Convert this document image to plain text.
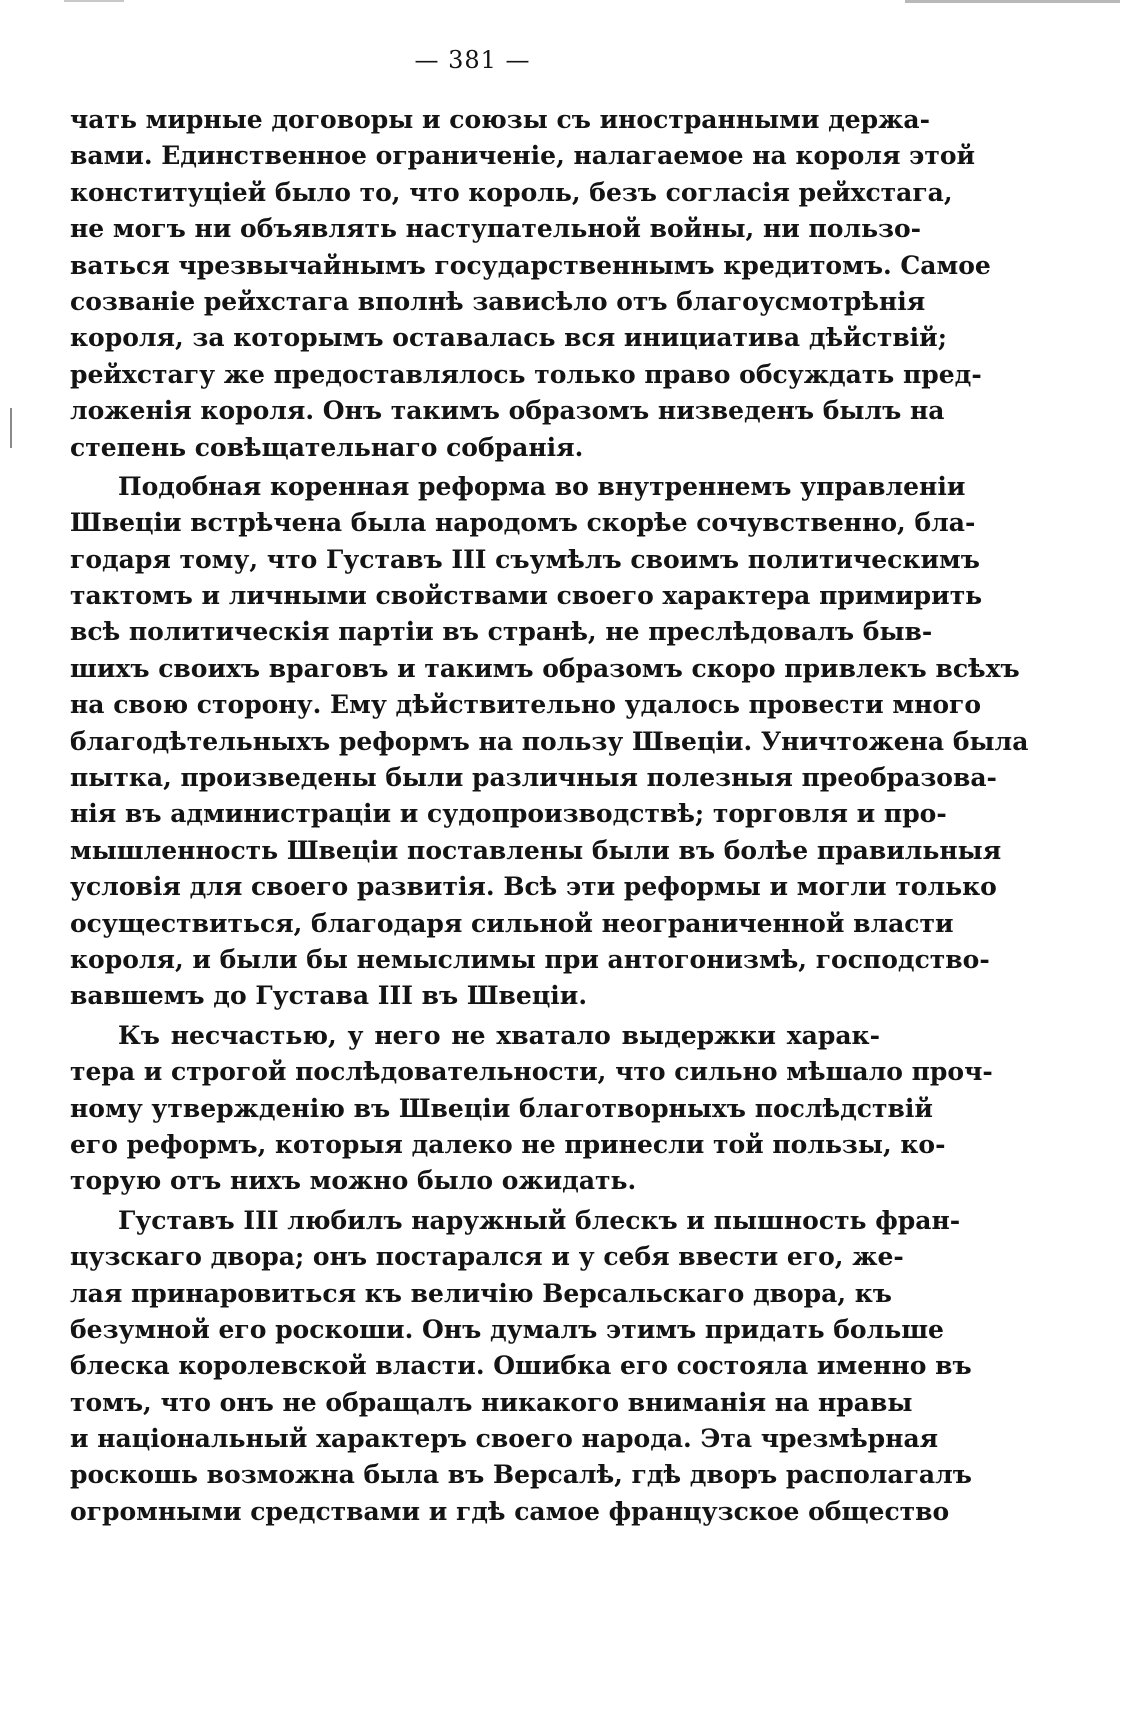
— 381 —
чать мирные договоры и союзы съ иностранными держа-
вами. Единственное ограниченіе, налагаемое на короля этой
конституціей было то, что король, безъ согласія рейхстага,
не могъ ни объявлять наступательной войны, ни пользо-
ваться чрезвычайнымъ государственнымъ кредитомъ. Самое
созваніе рейхстага вполнѣ зависѣло отъ благоусмотрѣнія
короля, за которымъ оставалась вся инициатива дѣйствій;
рейхстагу же предоставлялось только право обсуждать пред-
ложенія короля. Онъ такимъ образомъ низведенъ былъ на
степень совѣщательнаго собранія.
Подобная коренная реформа во внутреннемъ управленіи
Швеціи встрѣчена была народомъ скорѣе сочувственно, бла-
годаря тому, что Густавъ III съумѣлъ своимъ политическимъ
тактомъ и личными свойствами своего характера примирить
всѣ политическія партіи въ странѣ, не преслѣдовалъ быв-
шихъ своихъ враговъ и такимъ образомъ скоро привлекъ всѣхъ
на свою сторону. Ему дѣйствительно удалось провести много
благодѣтельныхъ реформъ на пользу Швеціи. Уничтожена была
пытка, произведены были различныя полезныя преобразова-
нія въ администраціи и судопроизводствѣ; торговля и про-
мышленность Швеціи поставлены были въ болѣе правильныя
условія для своего развитія. Всѣ эти реформы и могли только
осуществиться, благодаря сильной неограниченной власти
короля, и были бы немыслимы при антогонизмѣ, господство-
вавшемъ до Густава III въ Швеціи.
Къ несчастью, у него не хватало выдержки харак-
тера и строгой послѣдовательности, что сильно мѣшало проч-
ному утвержденію въ Швеціи благотворныхъ послѣдствій
его реформъ, которыя далеко не принесли той пользы, ко-
торую отъ нихъ можно было ожидать.
Густавъ III любилъ наружный блескъ и пышность фран-
цузскаго двора; онъ постарался и у себя ввести его, же-
лая принаровиться къ величію Версальскаго двора, къ
безумной его роскоши. Онъ думалъ этимъ придать больше
блеска королевской власти. Ошибка его состояла именно въ
томъ, что онъ не обращалъ никакого вниманія на нравы
и національный характеръ своего народа. Эта чрезмѣрная
роскошь возможна была въ Версалѣ, гдѣ дворъ располагалъ
огромными средствами и гдѣ самое французское общество
